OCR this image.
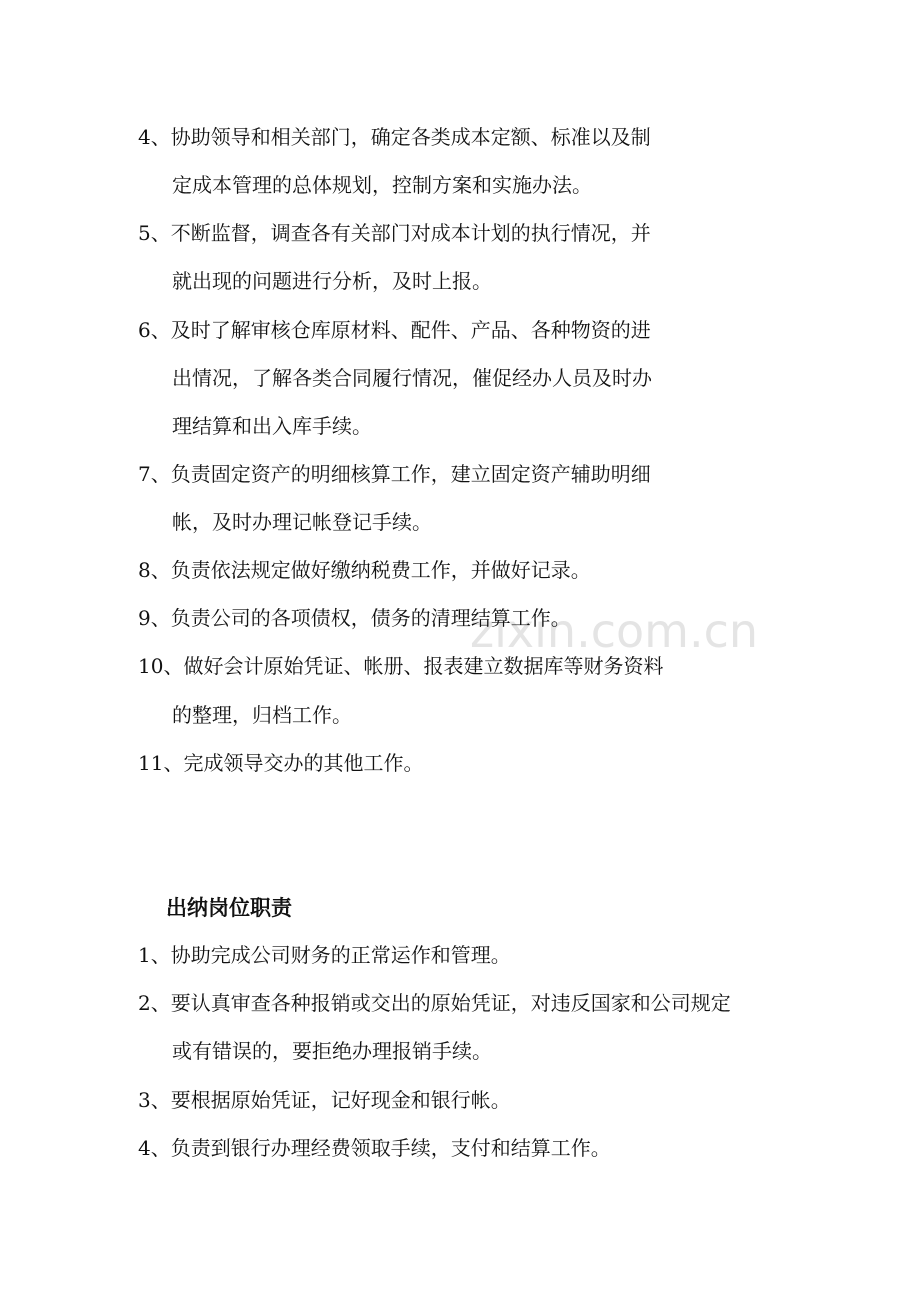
zixin.com.cn
4、协助领导和相关部门，确定各类成本定额、标准以及制
定成本管理的总体规划，控制方案和实施办法。
5、不断监督，调查各有关部门对成本计划的执行情况，并
就出现的问题进行分析，及时上报。
6、及时了解审核仓库原材料、配件、产品、各种物资的进
出情况，了解各类合同履行情况，催促经办人员及时办
理结算和出入库手续。
7、负责固定资产的明细核算工作，建立固定资产辅助明细
帐，及时办理记帐登记手续。
8、负责依法规定做好缴纳税费工作，并做好记录。
9、负责公司的各项债权，债务的清理结算工作。
10、做好会计原始凭证、帐册、报表建立数据库等财务资料
的整理，归档工作。
11、完成领导交办的其他工作。
出纳岗位职责
1、协助完成公司财务的正常运作和管理。
2、要认真审查各种报销或交出的原始凭证，对违反国家和公司规定
或有错误的，要拒绝办理报销手续。
3、要根据原始凭证，记好现金和银行帐。
4、负责到银行办理经费领取手续，支付和结算工作。
